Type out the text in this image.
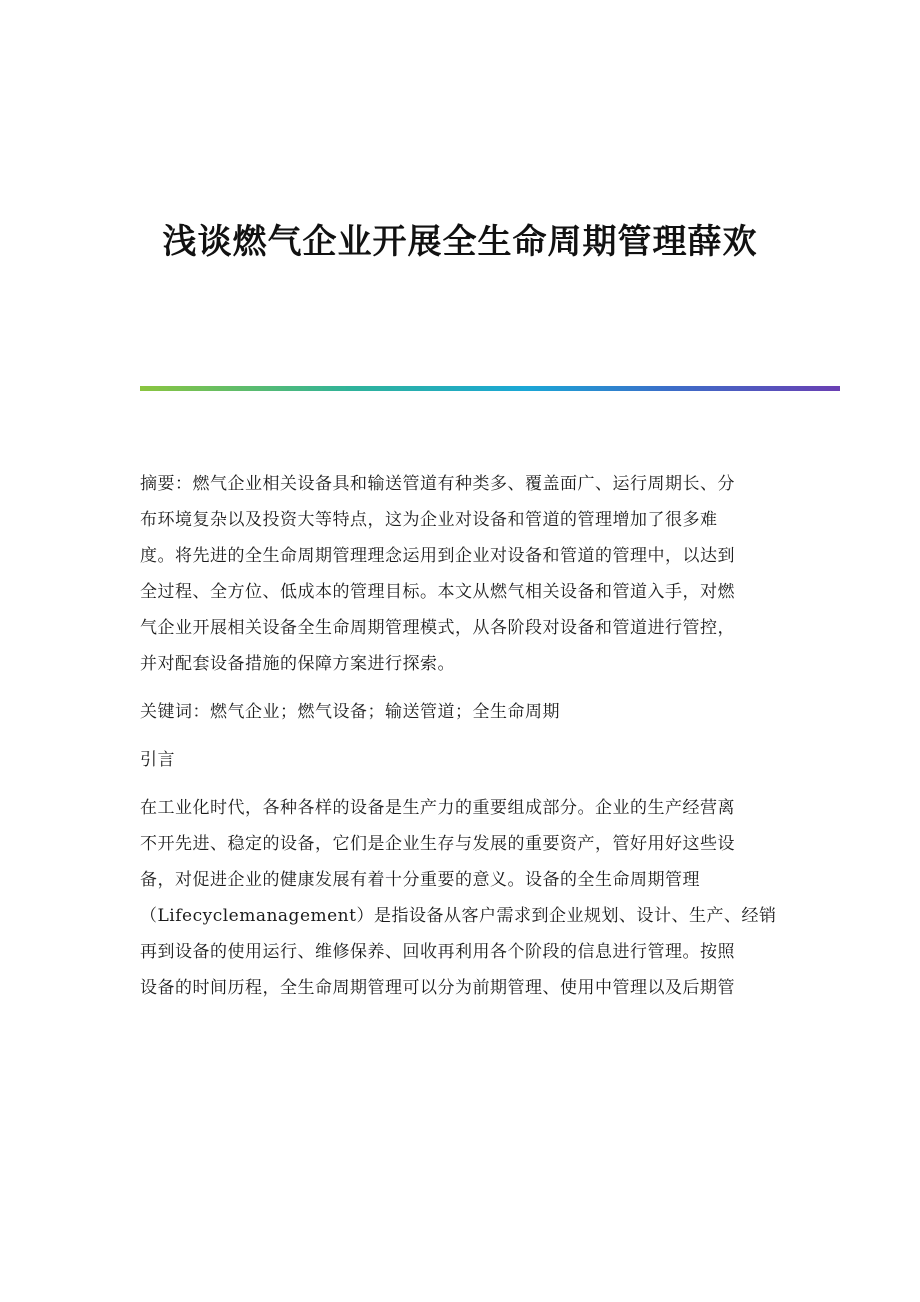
浅谈燃气企业开展全生命周期管理薛欢
摘要：燃气企业相关设备具和输送管道有种类多、覆盖面广、运行周期长、分
布环境复杂以及投资大等特点，这为企业对设备和管道的管理增加了很多难
度。将先进的全生命周期管理理念运用到企业对设备和管道的管理中，以达到
全过程、全方位、低成本的管理目标。本文从燃气相关设备和管道入手，对燃
气企业开展相关设备全生命周期管理模式，从各阶段对设备和管道进行管控，
并对配套设备措施的保障方案进行探索。
关键词：燃气企业；燃气设备；输送管道；全生命周期
引言
在工业化时代，各种各样的设备是生产力的重要组成部分。企业的生产经营离
不开先进、稳定的设备，它们是企业生存与发展的重要资产，管好用好这些设
备，对促进企业的健康发展有着十分重要的意义。设备的全生命周期管理
（Lifecyclemanagement）是指设备从客户需求到企业规划、设计、生产、经销
再到设备的使用运行、维修保养、回收再利用各个阶段的信息进行管理。按照
设备的时间历程，全生命周期管理可以分为前期管理、使用中管理以及后期管
